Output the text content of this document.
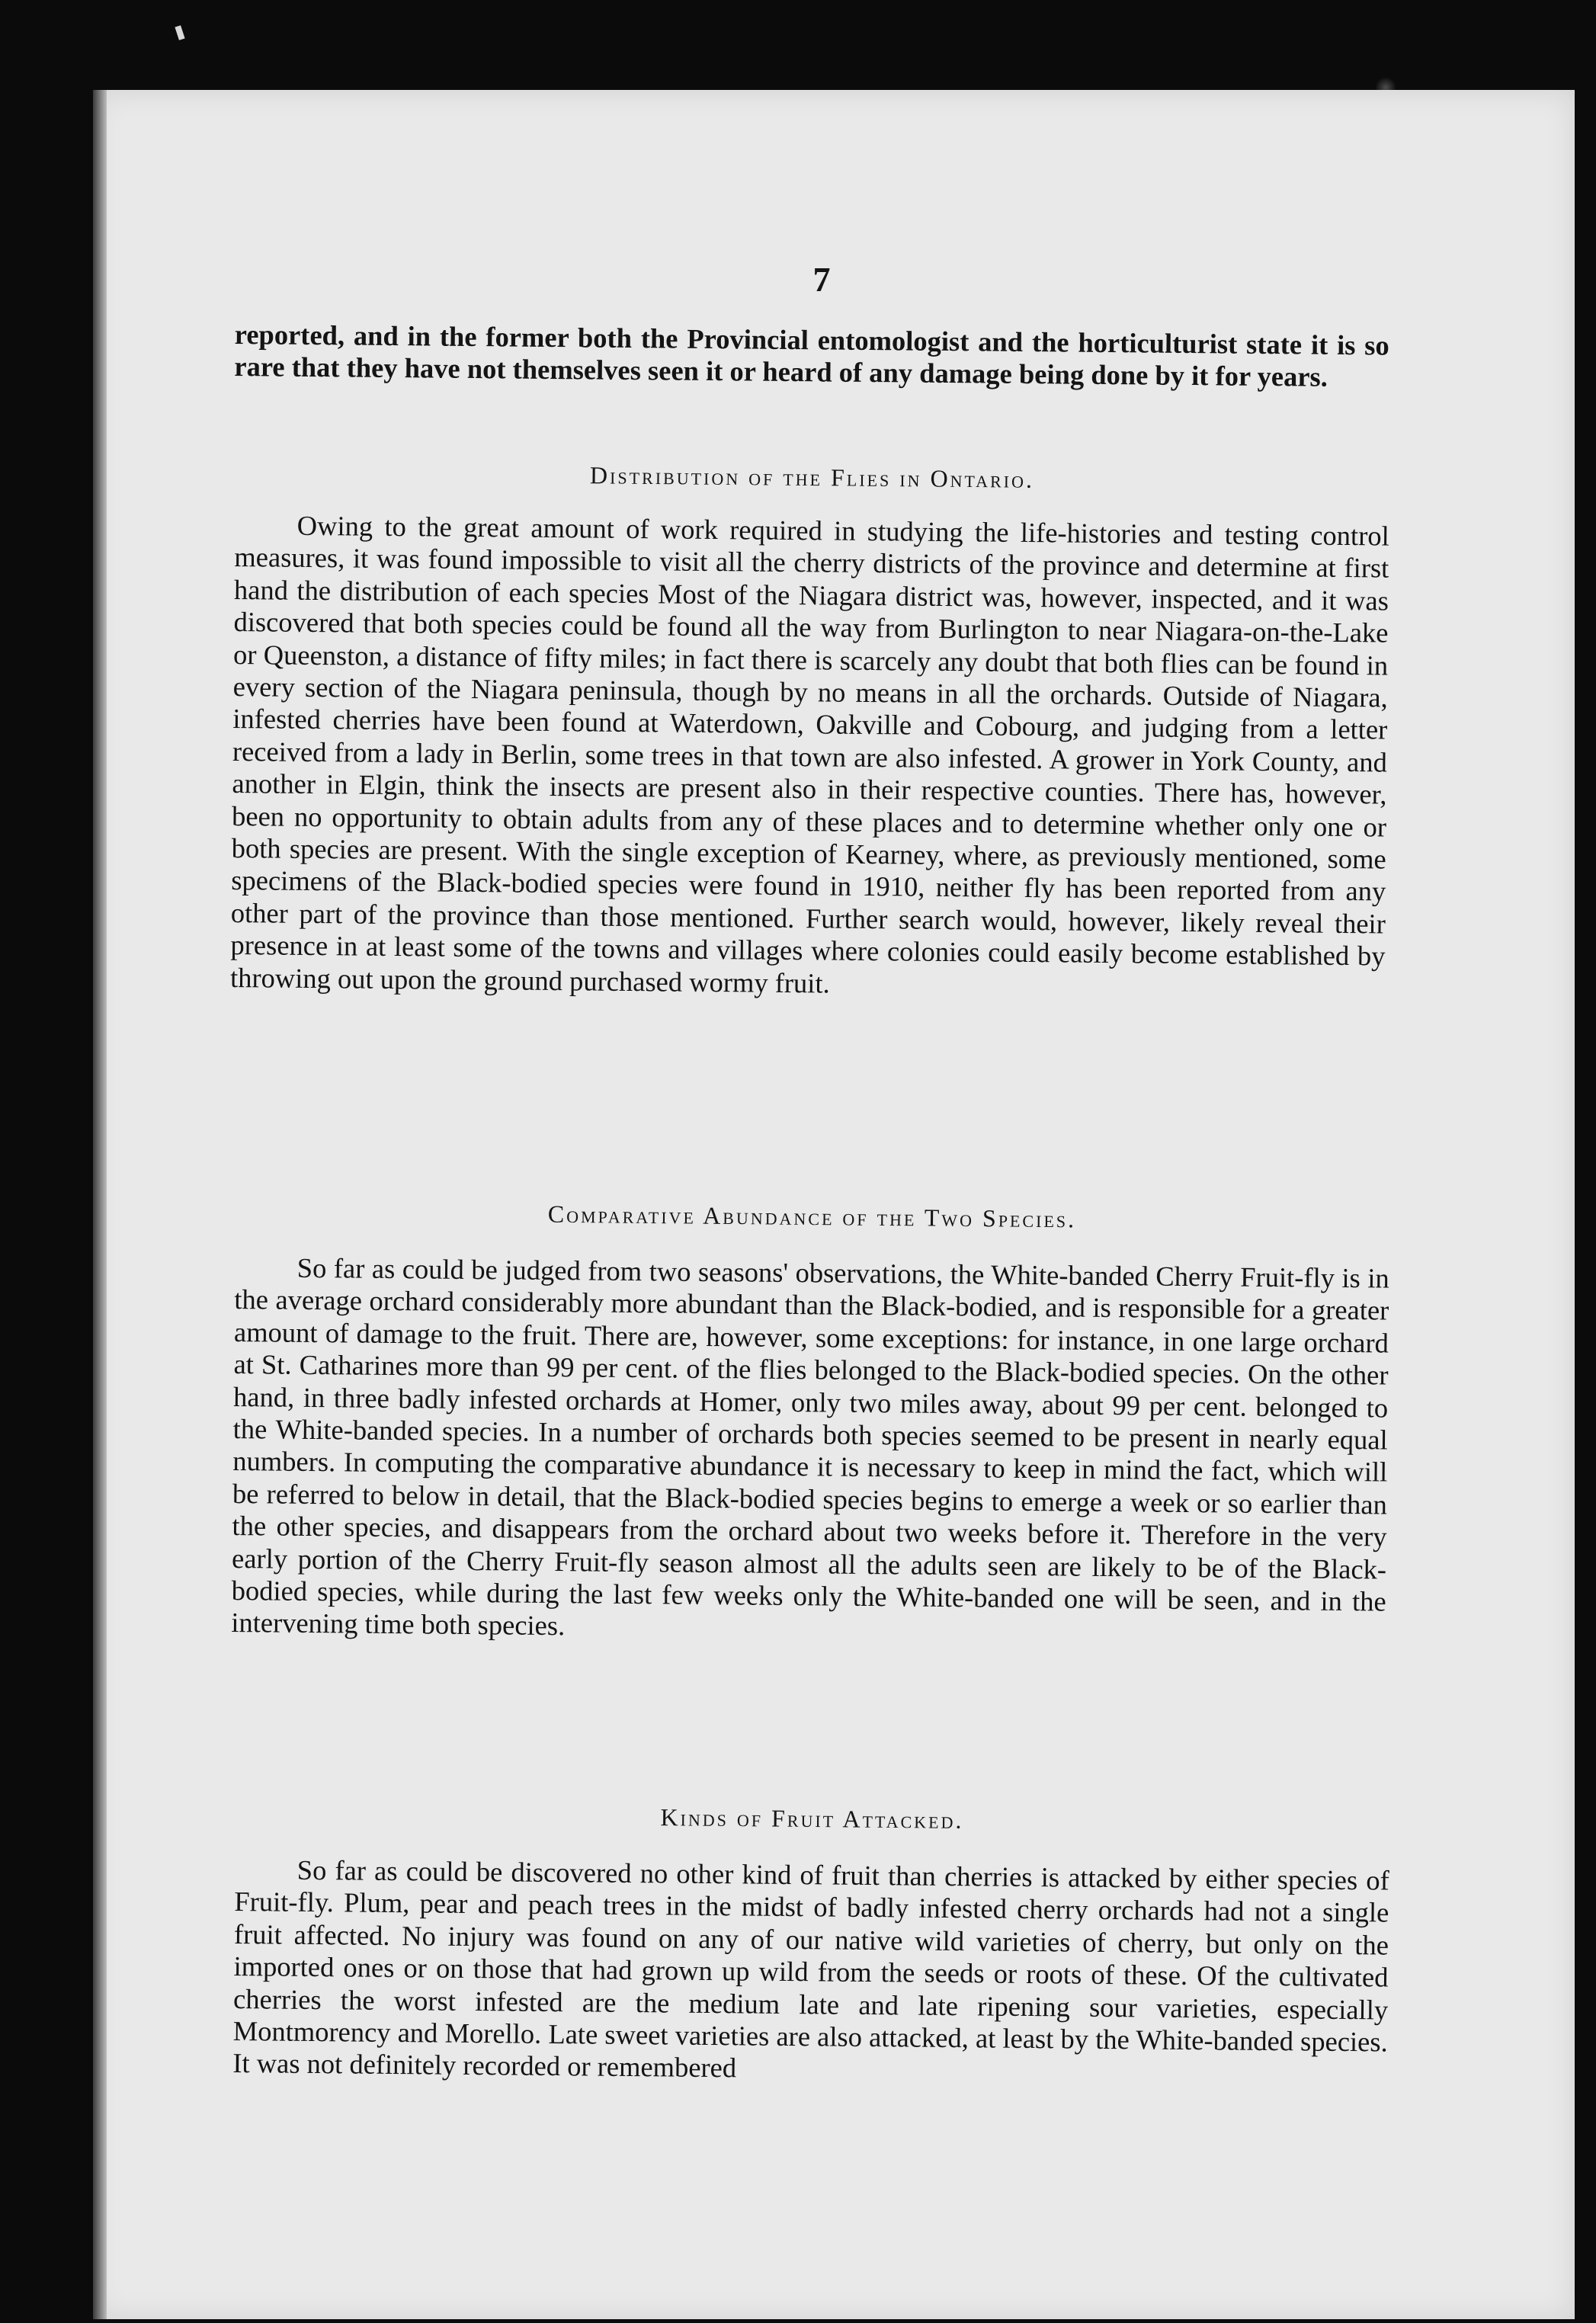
7

reported, and in the former both the Provincial entomologist and the horticulturist state it is so rare that they have not themselves seen it or heard of any damage being done by it for years.

Distribution of the Flies in Ontario.

Owing to the great amount of work required in studying the life-histories and testing control measures, it was found impossible to visit all the cherry districts of the province and determine at first hand the distribution of each species Most of the Niagara district was, however, inspected, and it was discovered that both species could be found all the way from Burlington to near Niagara-on-the-Lake or Queenston, a distance of fifty miles; in fact there is scarcely any doubt that both flies can be found in every section of the Niagara peninsula, though by no means in all the orchards. Outside of Niagara, infested cherries have been found at Waterdown, Oakville and Cobourg, and judging from a letter received from a lady in Berlin, some trees in that town are also infested. A grower in York County, and another in Elgin, think the insects are present also in their respective counties. There has, however, been no opportunity to obtain adults from any of these places and to determine whether only one or both species are present. With the single exception of Kearney, where, as previously mentioned, some specimens of the Black-bodied species were found in 1910, neither fly has been reported from any other part of the province than those mentioned. Further search would, however, likely reveal their presence in at least some of the towns and villages where colonies could easily become established by throwing out upon the ground purchased wormy fruit.

Comparative Abundance of the Two Species.

So far as could be judged from two seasons' observations, the White-banded Cherry Fruit-fly is in the average orchard considerably more abundant than the Black-bodied, and is responsible for a greater amount of damage to the fruit. There are, however, some exceptions: for instance, in one large orchard at St. Catharines more than 99 per cent. of the flies belonged to the Black-bodied species. On the other hand, in three badly infested orchards at Homer, only two miles away, about 99 per cent. belonged to the White-banded species. In a number of orchards both species seemed to be present in nearly equal numbers. In computing the comparative abundance it is necessary to keep in mind the fact, which will be referred to below in detail, that the Black-bodied species begins to emerge a week or so earlier than the other species, and disappears from the orchard about two weeks before it. Therefore in the very early portion of the Cherry Fruit-fly season almost all the adults seen are likely to be of the Black-bodied species, while during the last few weeks only the White-banded one will be seen, and in the intervening time both species.

Kinds of Fruit Attacked.

So far as could be discovered no other kind of fruit than cherries is attacked by either species of Fruit-fly. Plum, pear and peach trees in the midst of badly infested cherry orchards had not a single fruit affected. No injury was found on any of our native wild varieties of cherry, but only on the imported ones or on those that had grown up wild from the seeds or roots of these. Of the cultivated cherries the worst infested are the medium late and late ripening sour varieties, especially Montmorency and Morello. Late sweet varieties are also attacked, at least by the White-banded species. It was not definitely recorded or remembered
